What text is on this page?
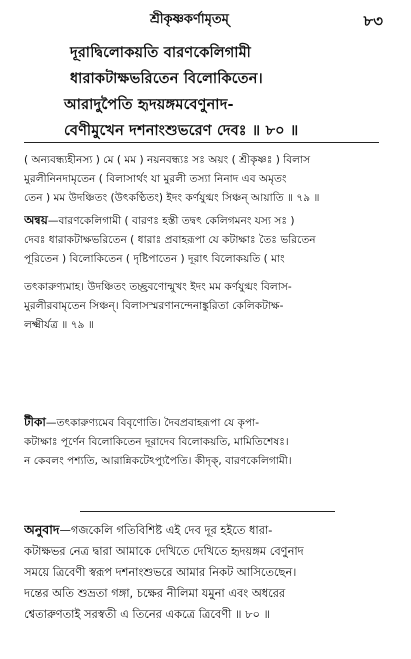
শ্রীকৃষ্ণকর্ণামৃতম্	৮৩
দূরাদ্বিলোকয়তি বারণকেলিগামী
ধারাকটাক্ষভরিতেন বিলোকিতেন।
আরাদুপৈতি হৃদয়ঙ্গমবেণুনাদ-
বেণীমুখেন দশনাংশুভরেণ দেবঃ ॥ ৮০ ॥
( অন্যবন্ধ্যহীনস্য ) মে ( মম ) নয়নবন্ধ্যঃ সঃ অয়ং ( শ্রীকৃষ্ণঃ ) বিলাস
মুরলীনিনদামৃতেন ( বিলাসার্থং যা মুরলী তস্যা নিনাদ এব অমৃতং
তেন ) মম উদঞ্চিতং (উৎকণ্ঠিতং) ইদং কর্ণযুগ্মং সিঞ্চন্ আয়াতি ॥ ৭৯ ॥
অন্বয়—বারণকেলিগামী ( বারণঃ হস্তী তদ্বৎ কেলিগমনং যস্য সঃ )
দেবঃ ধারাকটাক্ষভরিতেন ( ধারাঃ প্রবাহরূপা যে কটাক্ষাঃ তৈঃ ভরিতেন
পূরিতেন ) বিলোকিতেন ( দৃষ্টিপাতেন ) দূরাৎ বিলোকয়তি ( মাং
তৎকারুণ্যমাহ। উদঞ্চিতং তচ্ছ্রবণোন্মুখং ইদং মম কর্ণযুগ্মং বিলাস-
মুরলীরবামৃতেন সিঞ্চন্। বিলাসস্মরণানন্দেনাঙ্কুরিতা কেলিকটাক্ষ-
লক্ষ্মীর্যত্র ॥ ৭৯ ॥
টীকা—তৎকারুণ্যমেব বিবৃণোতি। দৈবপ্রবাহরূপা যে কৃপা-
কটাক্ষাঃ পূর্ণেন বিলোকিতেন দূরাদেব বিলোকয়তি, মামিতিশেষঃ।
ন কেবলং পশ্যতি, আরান্নিকটেঽপ্যুপৈতি। কীদৃক্, বারণকেলিগামী।
অনুবাদ—গজকেলি গতিবিশিষ্ট এই দেব দূর হইতে ধারা-
কটাক্ষভর নেত্র দ্বারা আমাকে দেখিতে দেখিতে হৃদয়ঙ্গম বেণুনাদ
সময়ে ত্রিবেণী স্বরূপ দশনাংশুভরে আমার নিকট আসিতেছেন।
দন্তের অতি শুভ্রতা গঙ্গা, চক্ষের নীলিমা যমুনা এবং অধরের
শ্বেতারুণতাই সরস্বতী এ তিনের একত্রে ত্রিবেণী ॥ ৮০ ॥
